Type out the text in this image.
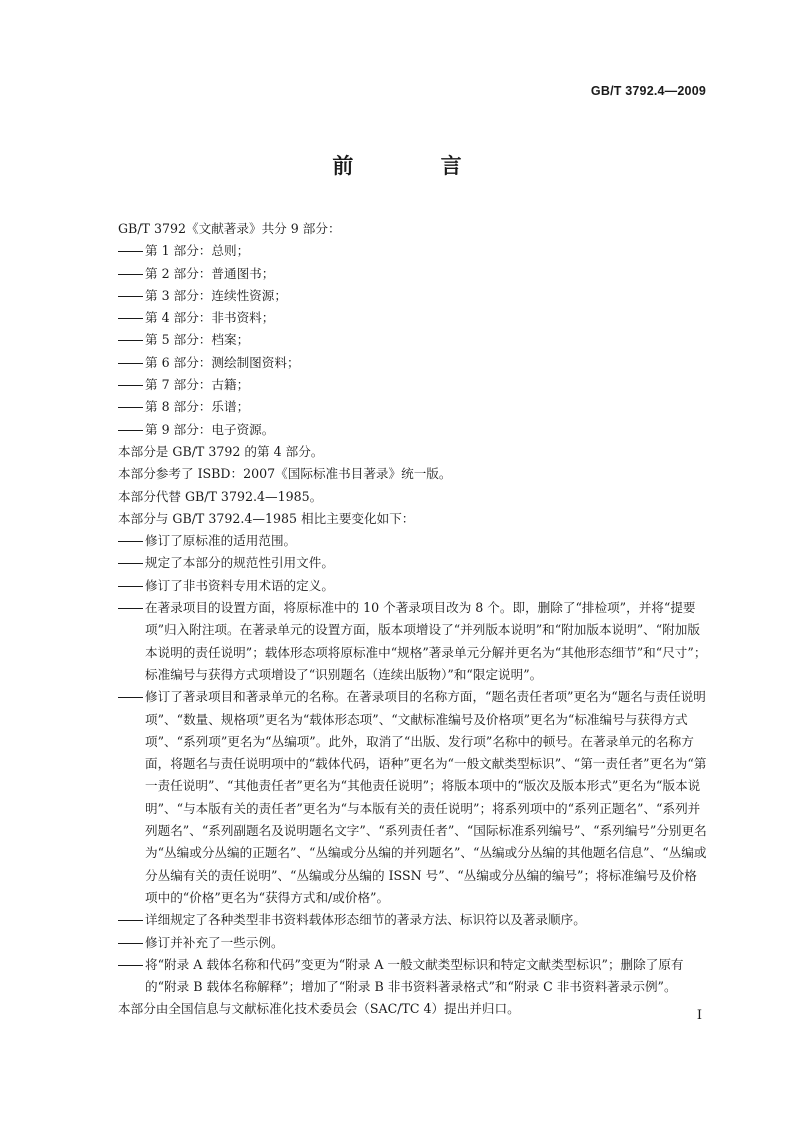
GB/T 3792.4—2009
前 言

GB/T 3792《文献著录》共分 9 部分：

第 1 部分：总则；

第 2 部分：普通图书；

第 3 部分：连续性资源；

第 4 部分：非书资料；

第 5 部分：档案；

第 6 部分：测绘制图资料；

第 7 部分：古籍；

第 8 部分：乐谱；

第 9 部分：电子资源。

本部分是 GB/T 3792 的第 4 部分。

本部分参考了 ISBD：2007《国际标准书目著录》统一版。

本部分代替 GB/T 3792.4—1985。

本部分与 GB/T 3792.4—1985 相比主要变化如下：

修订了原标准的适用范围。

规定了本部分的规范性引用文件。

修订了非书资料专用术语的定义。

在著录项目的设置方面，将原标准中的 10 个著录项目改为 8 个。即，删除了“排检项”，并将“提要项”归入附注项。在著录单元的设置方面，版本项增设了“并列版本说明”和“附加版本说明”、“附加版本说明的责任说明”；载体形态项将原标准中“规格”著录单元分解并更名为“其他形态细节”和“尺寸”；标准编号与获得方式项增设了“识别题名（连续出版物）”和“限定说明”。

修订了著录项目和著录单元的名称。在著录项目的名称方面，“题名责任者项”更名为“题名与责任说明项”、“数量、规格项”更名为“载体形态项”、“文献标准编号及价格项”更名为“标准编号与获得方式项”、“系列项”更名为“丛编项”。此外，取消了“出版、发行项”名称中的顿号。在著录单元的名称方面，将题名与责任说明项中的“载体代码，语种”更名为“一般文献类型标识”、“第一责任者”更名为“第一责任说明”、“其他责任者”更名为“其他责任说明”；将版本项中的“版次及版本形式”更名为“版本说明”、“与本版有关的责任者”更名为“与本版有关的责任说明”；将系列项中的“系列正题名”、“系列并列题名”、“系列副题名及说明题名文字”、“系列责任者”、“国际标准系列编号”、“系列编号”分别更名为“丛编或分丛编的正题名”、“丛编或分丛编的并列题名”、“丛编或分丛编的其他题名信息”、“丛编或分丛编有关的责任说明”、“丛编或分丛编的 ISSN 号”、“丛编或分丛编的编号”；将标准编号及价格项中的“价格”更名为“获得方式和/或价格”。

详细规定了各种类型非书资料载体形态细节的著录方法、标识符以及著录顺序。

修订并补充了一些示例。

将“附录 A 载体名称和代码”变更为“附录 A 一般文献类型标识和特定文献类型标识”；删除了原有的“附录 B 载体名称解释”；增加了“附录 B 非书资料著录格式”和“附录 C 非书资料著录示例”。

本部分由全国信息与文献标准化技术委员会（SAC/TC 4）提出并归口。	I
